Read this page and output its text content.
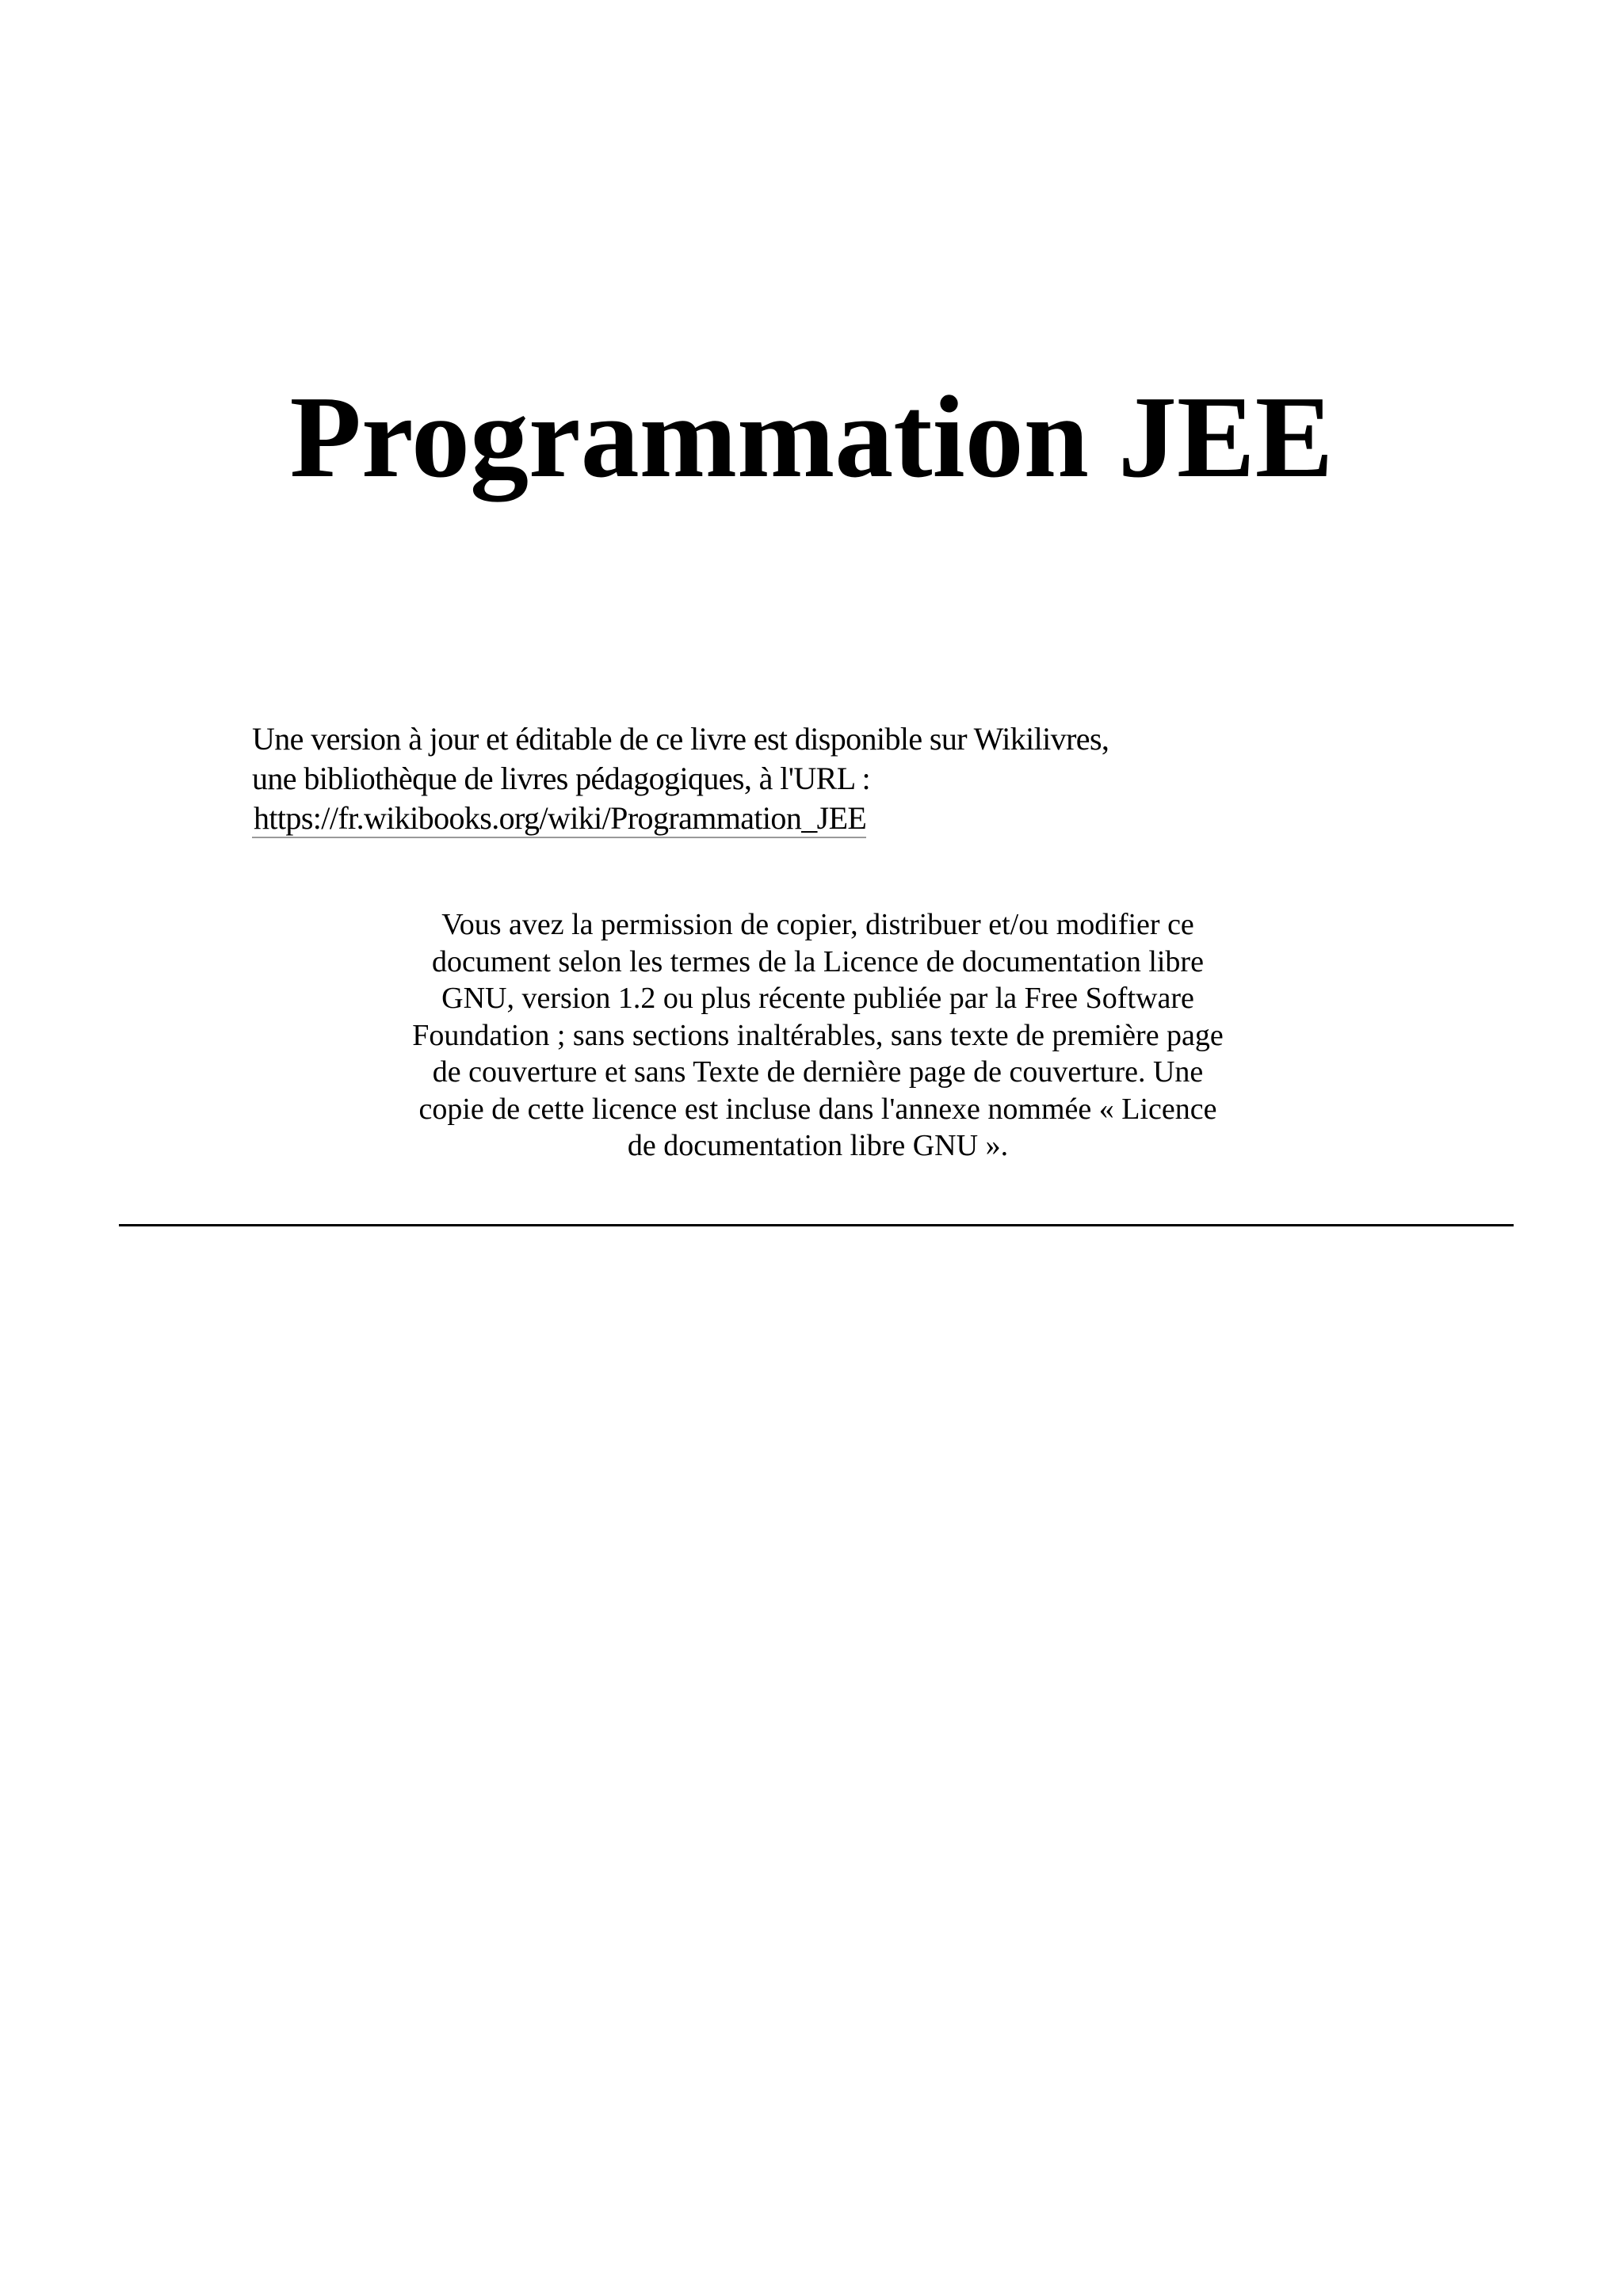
Programmation JEE
Une version à jour et éditable de ce livre est disponible sur Wikilivres,
une bibliothèque de livres pédagogiques, à l'URL :
https://fr.wikibooks.org/wiki/Programmation_JEE
Vous avez la permission de copier, distribuer et/ou modifier ce
document selon les termes de la Licence de documentation libre
GNU, version 1.2 ou plus récente publiée par la Free Software
Foundation ; sans sections inaltérables, sans texte de première page
de couverture et sans Texte de dernière page de couverture. Une
copie de cette licence est incluse dans l'annexe nommée « Licence
de documentation libre GNU ».
